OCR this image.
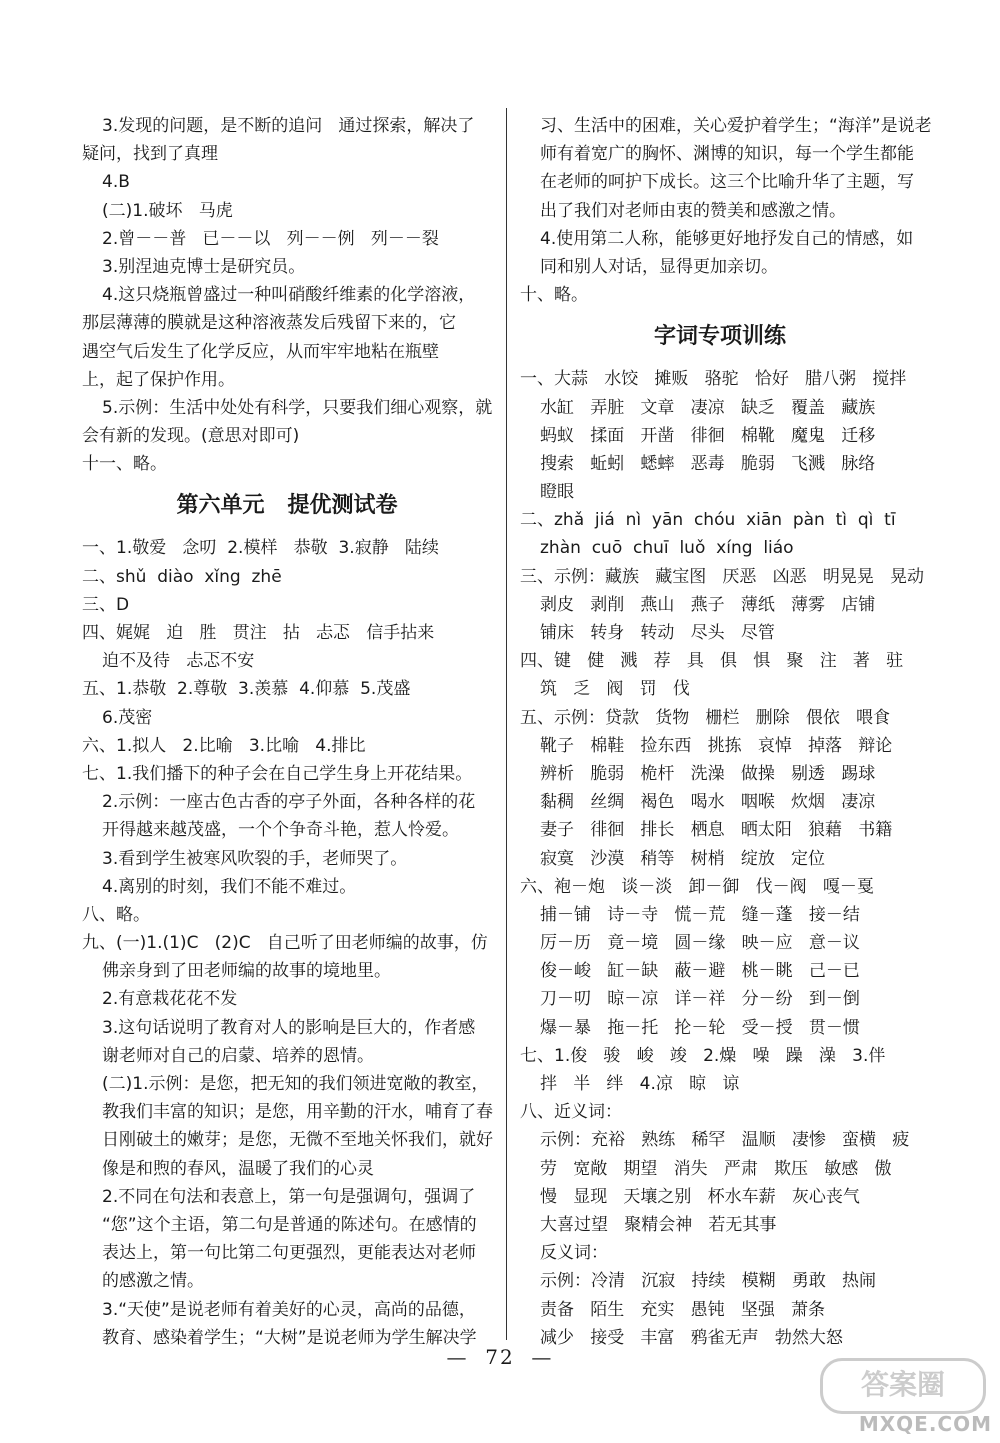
3.发现的问题，是不断的追问   通过探索，解决了
疑问，找到了真理
4.B
(二)1.破坏   马虎
2.曾－－普   已－－以   列－－例   列－－裂
3.别涅迪克博士是研究员。
4.这只烧瓶曾盛过一种叫硝酸纤维素的化学溶液，
那层薄薄的膜就是这种溶液蒸发后残留下来的，它
遇空气后发生了化学反应，从而牢牢地粘在瓶壁
上，起了保护作用。
5.示例：生活中处处有科学，只要我们细心观察，就
会有新的发现。(意思对即可)
十一、略。
第六单元   提优测试卷
一、1.敬爱   念叨  2.模样   恭敬  3.寂静   陆续
二、shǔ  diào  xǐng  zhē
三、D
四、娓娓   迫   胜   贯注   拈   忐忑   信手拈来
迫不及待   忐忑不安
五、1.恭敬  2.尊敬  3.羡慕  4.仰慕  5.茂盛
6.茂密
六、1.拟人   2.比喻   3.比喻   4.排比
七、1.我们播下的种子会在自己学生身上开花结果。
2.示例：一座古色古香的亭子外面，各种各样的花
开得越来越茂盛，一个个争奇斗艳，惹人怜爱。
3.看到学生被寒风吹裂的手，老师哭了。
4.离别的时刻，我们不能不难过。
八、略。
九、(一)1.(1)C   (2)C   自己听了田老师编的故事，仿
佛亲身到了田老师编的故事的境地里。
2.有意栽花花不发
3.这句话说明了教育对人的影响是巨大的，作者感
谢老师对自己的启蒙、培养的恩情。
(二)1.示例：是您，把无知的我们领进宽敞的教室，
教我们丰富的知识；是您，用辛勤的汗水，哺育了春
日刚破土的嫩芽；是您，无微不至地关怀我们，就好
像是和煦的春风，温暖了我们的心灵
2.不同在句法和表意上，第一句是强调句，强调了
“您”这个主语，第二句是普通的陈述句。在感情的
表达上，第一句比第二句更强烈，更能表达对老师
的感激之情。
3.“天使”是说老师有着美好的心灵，高尚的品德，
教育、感染着学生；“大树”是说老师为学生解决学
习、生活中的困难，关心爱护着学生；“海洋”是说老
师有着宽广的胸怀、渊博的知识，每一个学生都能
在老师的呵护下成长。这三个比喻升华了主题，写
出了我们对老师由衷的赞美和感激之情。
4.使用第二人称，能够更好地抒发自己的情感，如
同和别人对话，显得更加亲切。
十、略。
字词专项训练
一、大蒜   水饺   摊贩   骆驼   恰好   腊八粥   搅拌
水缸   弄脏   文章   凄凉   缺乏   覆盖   藏族
蚂蚁   揉面   开凿   徘徊   棉靴   魔鬼   迁移
搜索   蚯蚓   蟋蟀   恶毒   脆弱   飞溅   脉络
瞪眼
二、zhǎ  jiá  nì  yān  chóu  xiān  pàn  tì  qì  tī
zhàn  cuō  chuī  luǒ  xíng  liáo
三、示例：藏族   藏宝图   厌恶   凶恶   明晃晃   晃动
剥皮   剥削   燕山   燕子   薄纸   薄雾   店铺
铺床   转身   转动   尽头   尽管
四、键   健   溅   荐   具   俱   惧   聚   注   著   驻
筑   乏   阀   罚   伐
五、示例：贷款   货物   栅栏   删除   偎依   喂食
靴子   棉鞋   捡东西   挑拣   哀悼   掉落   辩论
辨析   脆弱   桅杆   洗澡   做操   剔透   踢球
黏稠   丝绸   褐色   喝水   咽喉   炊烟   凄凉
妻子   徘徊   排长   栖息   晒太阳   狼藉   书籍
寂寞   沙漠   稍等   树梢   绽放   定位
六、袍－炮   谈－淡   卸－御   伐－阀   嘎－戛
捕－铺   诗－寺   慌－荒   缝－蓬   接－结
厉－历   竟－境   圆－缘   映－应   意－议
俊－峻   缸－缺   蔽－避   桃－眺   己－已
刀－叨   晾－凉   详－祥   分－纷   到－倒
爆－暴   拖－托   抡－轮   受－授   贯－惯
七、1.俊   骏   峻   竣   2.燥   噪   躁   澡   3.伴
拌   半   绊   4.凉   晾   谅
八、近义词：
示例：充裕   熟练   稀罕   温顺   凄惨   蛮横   疲
劳   宽敞   期望   消失   严肃   欺压   敏感   傲
慢   显现   天壤之别   杯水车薪   灰心丧气
大喜过望   聚精会神   若无其事
反义词：
示例：冷清   沉寂   持续   模糊   勇敢   热闹
责备   陌生   充实   愚钝   坚强   萧条
减少   接受   丰富   鸦雀无声   勃然大怒
—  72  —
答案圈
MXQE.COM
